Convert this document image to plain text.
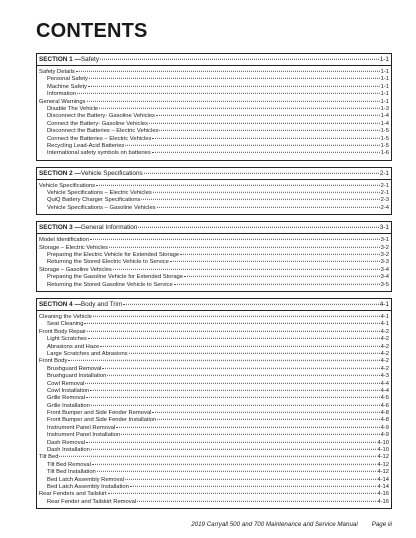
CONTENTS
SECTION 1 — Safety	1-1
Safety Details	1-1
Personal Safety	1-1
Machine Safety	1-1
Information	1-1
General Warnings	1-1
Disable The Vehicle	1-3
Disconnect the Battery- Gasoline Vehicles	1-4
Connect the Battery- Gasoline Vehicles	1-4
Disconnect the Batteries – Electric Vehicles	1-5
Connect the Batteries – Electric Vehicles	1-5
Recycling Lead-Acid Batteries	1-5
International safety symbols on batteries	1-6
SECTION 2 — Vehicle Specifications	2-1
Vehicle Specifications	2-1
Vehicle Specifications – Electric Vehicles	2-1
QuiQ Battery Charger Specifications	2-3
Vehicle Specifications – Gasoline Vehicles	2-4
SECTION 3 — General Information	3-1
Model Identification	3-1
Storage – Electric Vehicles	3-2
Preparing the Electric Vehicle for Extended Storage	3-2
Returning the Stored Electric Vehicle to Service	3-3
Storage – Gasoline Vehicles	3-4
Preparing the Gasoline Vehicle for Extended Storage	3-4
Returning the Stored Gasoline Vehicle to Service	3-5
SECTION 4 — Body and Trim	4-1
Cleaning the Vehicle	4-1
Seat Cleaning	4-1
Front Body Repair	4-2
Light Scratches	4-2
Abrasions and Haze	4-2
Large Scratches and Abrasions	4-2
Front Body	4-2
Brushguard Removal	4-2
Brushguard Installation	4-3
Cowl Removal	4-4
Cowl Installation	4-4
Grille Removal	4-5
Grille Installation	4-6
Front Bumper and Side Fender Removal	4-8
Front Bumper and Side Fender Installation	4-8
Instrument Panel Removal	4-9
Instrument Panel Installation	4-9
Dash Removal	4-10
Dash Installation	4-10
Tilt Bed	4-12
Tilt Bed Removal	4-12
Tilt Bed Installation	4-12
Bed Latch Assembly Removal	4-14
Bed Latch Assembly Installation	4-14
Rear Fenders and Tailskirt	4-16
Rear Fender and Tailskirt Removal	4-16
2019 Carryall 500 and 700 Maintenance and Service Manual Page iii
